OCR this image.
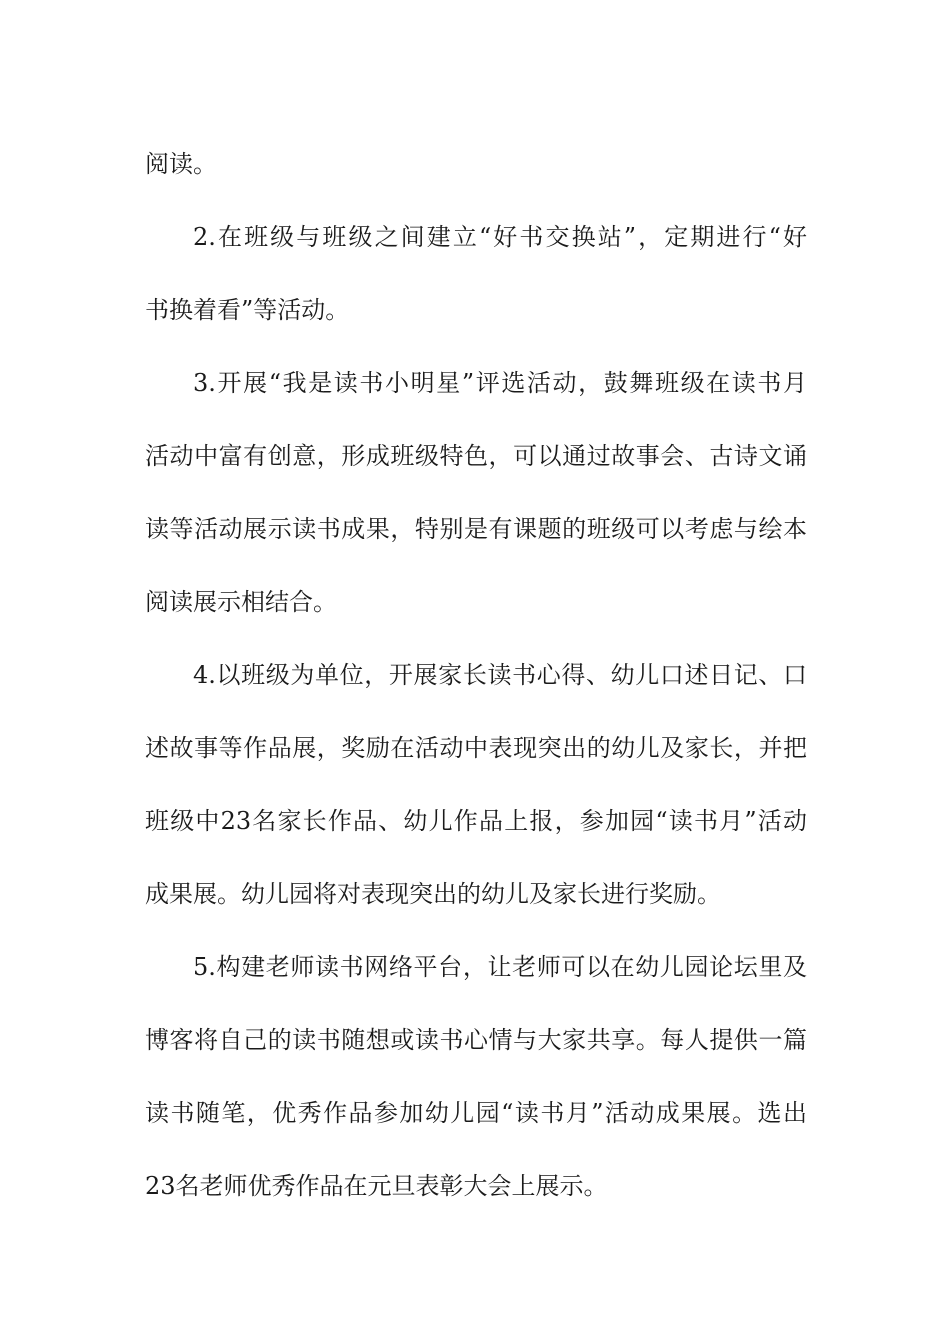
阅读。
2.在班级与班级之间建立“好书交换站”，定期进行“好
书换着看”等活动。
3.开展“我是读书小明星”评选活动，鼓舞班级在读书月
活动中富有创意，形成班级特色，可以通过故事会、古诗文诵
读等活动展示读书成果，特别是有课题的班级可以考虑与绘本
阅读展示相结合。
4.以班级为单位，开展家长读书心得、幼儿口述日记、口
述故事等作品展，奖励在活动中表现突出的幼儿及家长，并把
班级中23名家长作品、幼儿作品上报，参加园“读书月”活动
成果展。幼儿园将对表现突出的幼儿及家长进行奖励。
5.构建老师读书网络平台，让老师可以在幼儿园论坛里及
博客将自己的读书随想或读书心情与大家共享。每人提供一篇
读书随笔，优秀作品参加幼儿园“读书月”活动成果展。选出
23名老师优秀作品在元旦表彰大会上展示。
